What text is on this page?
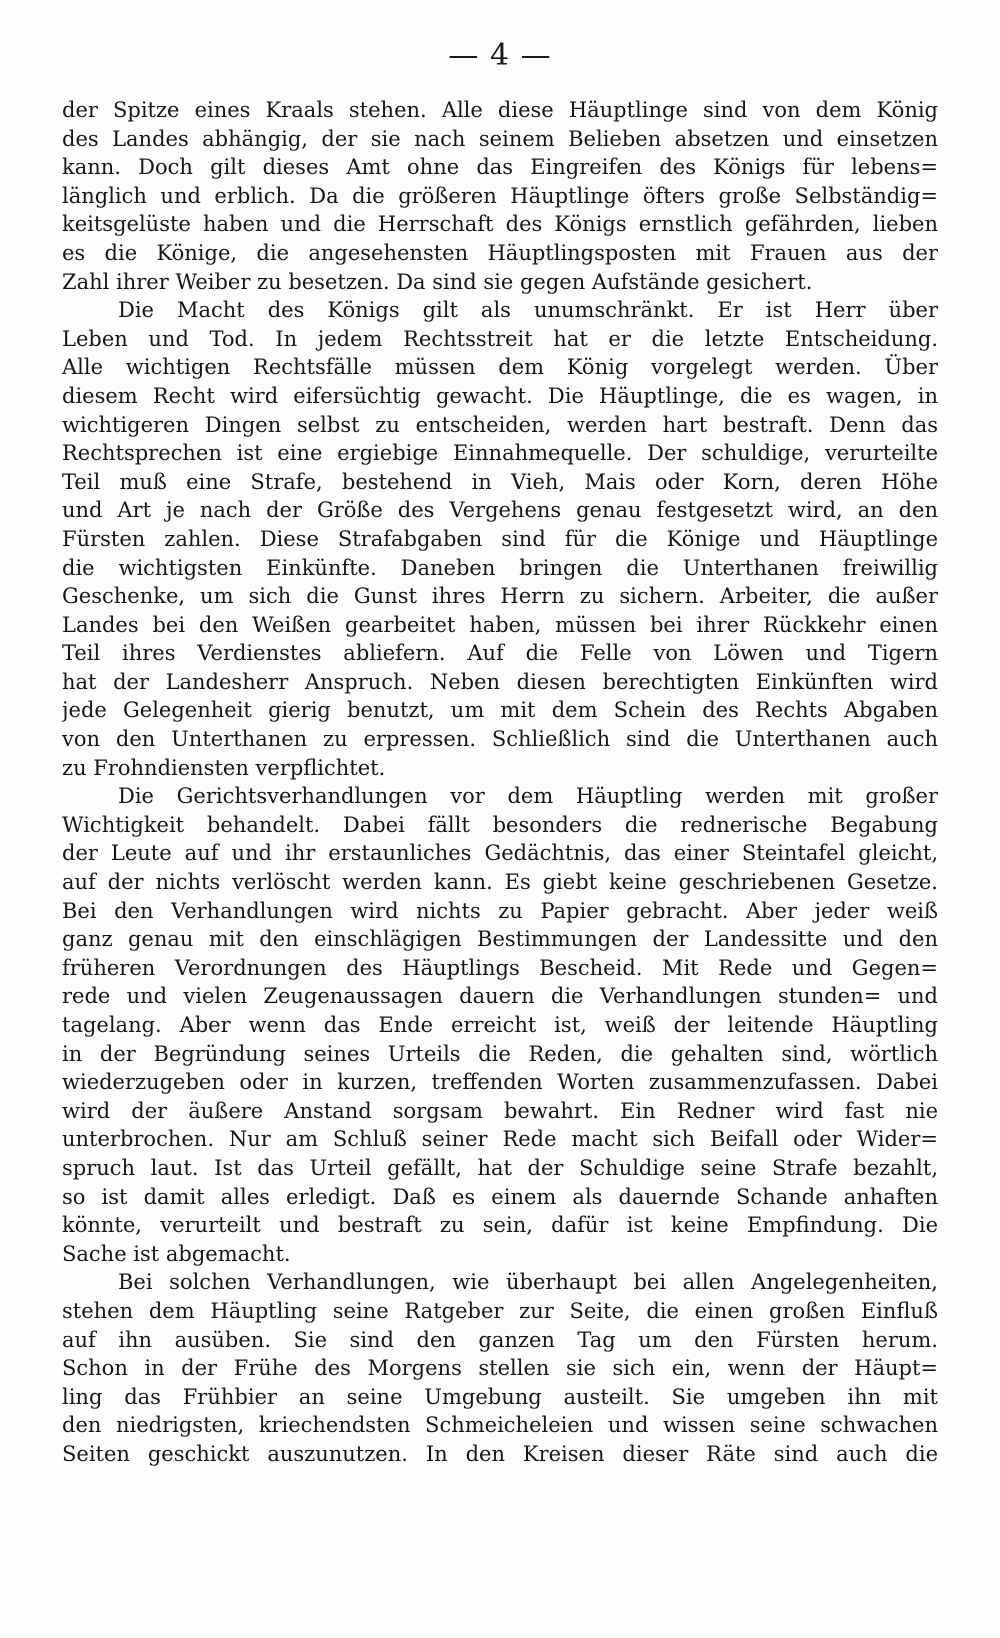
— 4 —
der Spitze eines Kraals stehen. Alle diese Häuptlinge sind von dem König
des Landes abhängig, der sie nach seinem Belieben absetzen und einsetzen
kann. Doch gilt dieses Amt ohne das Eingreifen des Königs für lebens=
länglich und erblich. Da die größeren Häuptlinge öfters große Selbständig=
keitsgelüste haben und die Herrschaft des Königs ernstlich gefährden, lieben
es die Könige, die angesehensten Häuptlingsposten mit Frauen aus der
Zahl ihrer Weiber zu besetzen. Da sind sie gegen Aufstände gesichert.
Die Macht des Königs gilt als unumschränkt. Er ist Herr über
Leben und Tod. In jedem Rechtsstreit hat er die letzte Entscheidung.
Alle wichtigen Rechtsfälle müssen dem König vorgelegt werden. Über
diesem Recht wird eifersüchtig gewacht. Die Häuptlinge, die es wagen, in
wichtigeren Dingen selbst zu entscheiden, werden hart bestraft. Denn das
Rechtsprechen ist eine ergiebige Einnahmequelle. Der schuldige, verurteilte
Teil muß eine Strafe, bestehend in Vieh, Mais oder Korn, deren Höhe
und Art je nach der Größe des Vergehens genau festgesetzt wird, an den
Fürsten zahlen. Diese Strafabgaben sind für die Könige und Häuptlinge
die wichtigsten Einkünfte. Daneben bringen die Unterthanen freiwillig
Geschenke, um sich die Gunst ihres Herrn zu sichern. Arbeiter, die außer
Landes bei den Weißen gearbeitet haben, müssen bei ihrer Rückkehr einen
Teil ihres Verdienstes abliefern. Auf die Felle von Löwen und Tigern
hat der Landesherr Anspruch. Neben diesen berechtigten Einkünften wird
jede Gelegenheit gierig benutzt, um mit dem Schein des Rechts Abgaben
von den Unterthanen zu erpressen. Schließlich sind die Unterthanen auch
zu Frohndiensten verpflichtet.
Die Gerichtsverhandlungen vor dem Häuptling werden mit großer
Wichtigkeit behandelt. Dabei fällt besonders die rednerische Begabung
der Leute auf und ihr erstaunliches Gedächtnis, das einer Steintafel gleicht,
auf der nichts verlöscht werden kann. Es giebt keine geschriebenen Gesetze.
Bei den Verhandlungen wird nichts zu Papier gebracht. Aber jeder weiß
ganz genau mit den einschlägigen Bestimmungen der Landessitte und den
früheren Verordnungen des Häuptlings Bescheid. Mit Rede und Gegen=
rede und vielen Zeugenaussagen dauern die Verhandlungen stunden= und
tagelang. Aber wenn das Ende erreicht ist, weiß der leitende Häuptling
in der Begründung seines Urteils die Reden, die gehalten sind, wörtlich
wiederzugeben oder in kurzen, treffenden Worten zusammenzufassen. Dabei
wird der äußere Anstand sorgsam bewahrt. Ein Redner wird fast nie
unterbrochen. Nur am Schluß seiner Rede macht sich Beifall oder Wider=
spruch laut. Ist das Urteil gefällt, hat der Schuldige seine Strafe bezahlt,
so ist damit alles erledigt. Daß es einem als dauernde Schande anhaften
könnte, verurteilt und bestraft zu sein, dafür ist keine Empfindung. Die
Sache ist abgemacht.
Bei solchen Verhandlungen, wie überhaupt bei allen Angelegenheiten,
stehen dem Häuptling seine Ratgeber zur Seite, die einen großen Einfluß
auf ihn ausüben. Sie sind den ganzen Tag um den Fürsten herum.
Schon in der Frühe des Morgens stellen sie sich ein, wenn der Häupt=
ling das Frühbier an seine Umgebung austeilt. Sie umgeben ihn mit
den niedrigsten, kriechendsten Schmeicheleien und wissen seine schwachen
Seiten geschickt auszunutzen. In den Kreisen dieser Räte sind auch die
